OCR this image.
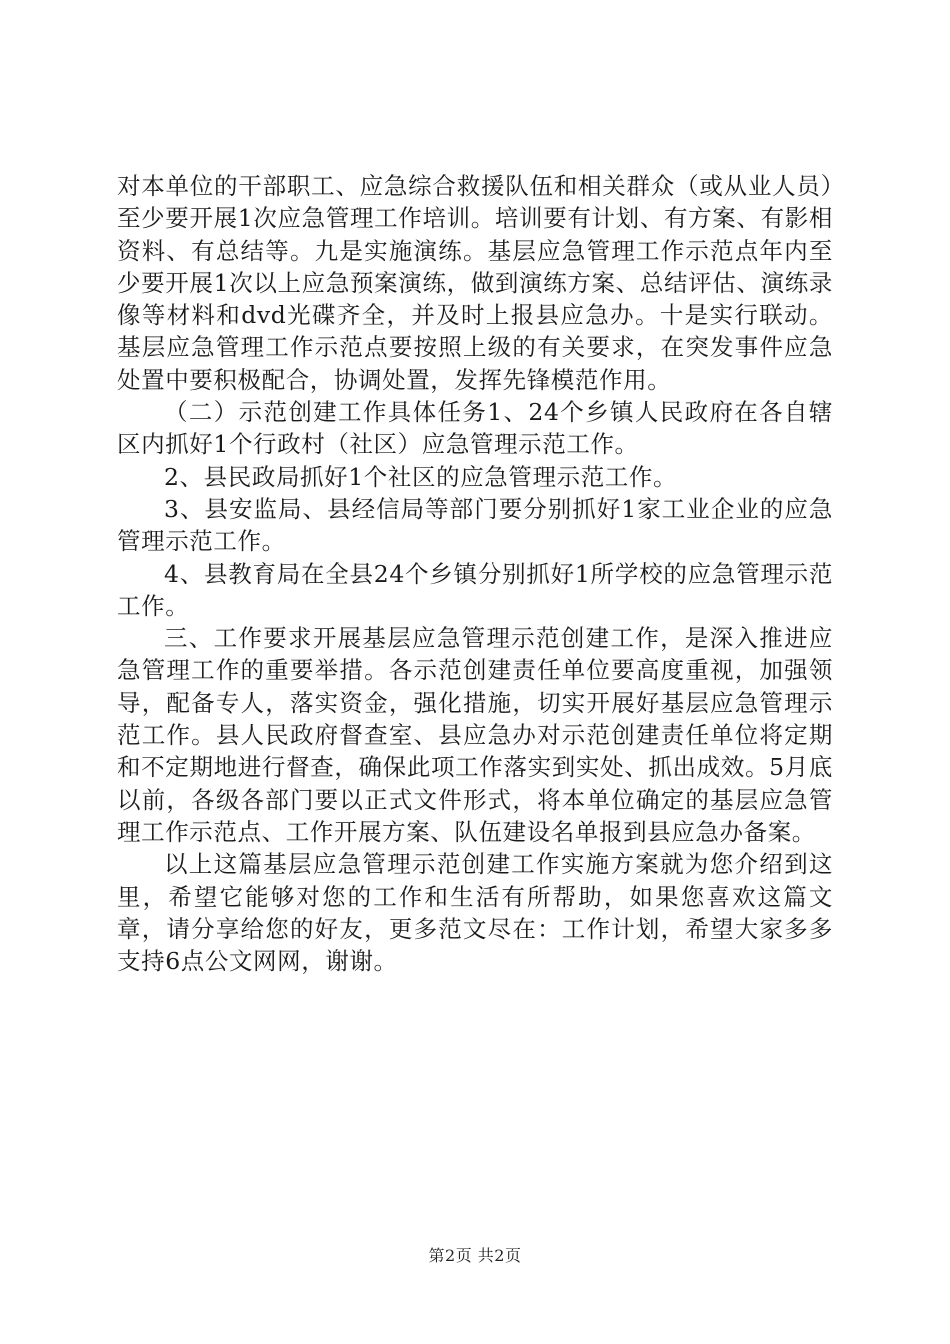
对本单位的干部职工、应急综合救援队伍和相关群众（或从业人员）至少要开展1次应急管理工作培训。培训要有计划、有方案、有影相资料、有总结等。九是实施演练。基层应急管理工作示范点年内至少要开展1次以上应急预案演练，做到演练方案、总结评估、演练录像等材料和dvd光碟齐全，并及时上报县应急办。十是实行联动。基层应急管理工作示范点要按照上级的有关要求，在突发事件应急处置中要积极配合，协调处置，发挥先锋模范作用。

（二）示范创建工作具体任务1、24个乡镇人民政府在各自辖区内抓好1个行政村（社区）应急管理示范工作。

2、县民政局抓好1个社区的应急管理示范工作。

3、县安监局、县经信局等部门要分别抓好1家工业企业的应急管理示范工作。

4、县教育局在全县24个乡镇分别抓好1所学校的应急管理示范工作。

三、工作要求开展基层应急管理示范创建工作，是深入推进应急管理工作的重要举措。各示范创建责任单位要高度重视，加强领导，配备专人，落实资金，强化措施，切实开展好基层应急管理示范工作。县人民政府督查室、县应急办对示范创建责任单位将定期和不定期地进行督查，确保此项工作落实到实处、抓出成效。5月底以前，各级各部门要以正式文件形式，将本单位确定的基层应急管理工作示范点、工作开展方案、队伍建设名单报到县应急办备案。

以上这篇基层应急管理示范创建工作实施方案就为您介绍到这里，希望它能够对您的工作和生活有所帮助，如果您喜欢这篇文章，请分享给您的好友，更多范文尽在：工作计划，希望大家多多支持6点公文网网，谢谢。

第2页 共2页
